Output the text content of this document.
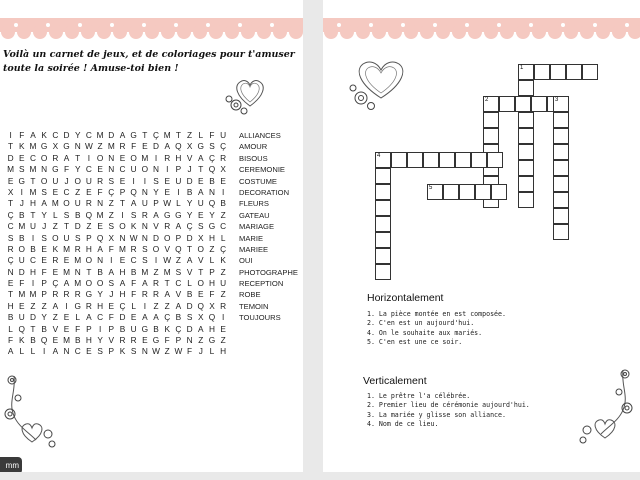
Voilà un carnet de jeux, et de coloriages pour t'amuser toute la soirée ! Amuse-toi bien !
I F A K C D Y C M D A G T Ç M T Z L F U
T K M G X G N W Z M R F E D A Q X G S Ç
D E C O R A T I O N E O M I R H V A Ç R
M S M N G F Y C E N C U O N I P J T Q X
E G T O U J O U R S E I	I S E U D E B E
X I M S E C Z E F Ç P Q N Y E I B A N I
T J H A M O U R N Z T A U P W L Y U Q B
Ç B T Y L S B Q M Z I S R A G G Y E Y Z
C M U J Z T D Z E S O K N V R A Ç S G C
S B I S O U S P Q X N W N D O P D X H L
R O B E K M R H A F M R S O V Q T O Z Ç
Ç U C E R E M O N I E C S I W Z A V L K
N D H F E M N T B A H B M Z M S V T P Z
E F I P Ç A M O O S A F A R T C L O H U
T M M P R R R G Y J H F R R A V B E F Z
H E Z Z A I G R H E Ç L I Z Z A D Q X R
B U D Y Z E L A C F D E A A Ç B S X Q I
L Q T B V E F P I P B U G B K Ç D A H E
F K B Q E M B H Y V R R E G F P N Z G Z
A L L I A N C E S P K S N W Z W F J L H
ALLIANCES
AMOUR
BISOUS
CEREMONIE
COSTUME
DECORATION
FLEURS
GATEAU
MARIAGE
MARIE
MARIEE
OUI
PHOTOGRAPHE
RECEPTION
ROBE
TEMOIN
TOUJOURS
mm
1
2	3
4
5
Horizontalement
1. La pièce montée en est composée.
2. C'en est un aujourd'hui.
4. On le souhaite aux mariés.
5. C'en est une ce soir.
Verticalement
1. Le prêtre l'a célébrée.
2. Premier lieu de cérémonie aujourd'hui.
3. La mariée y glisse son alliance.
4. Nom de ce lieu.
